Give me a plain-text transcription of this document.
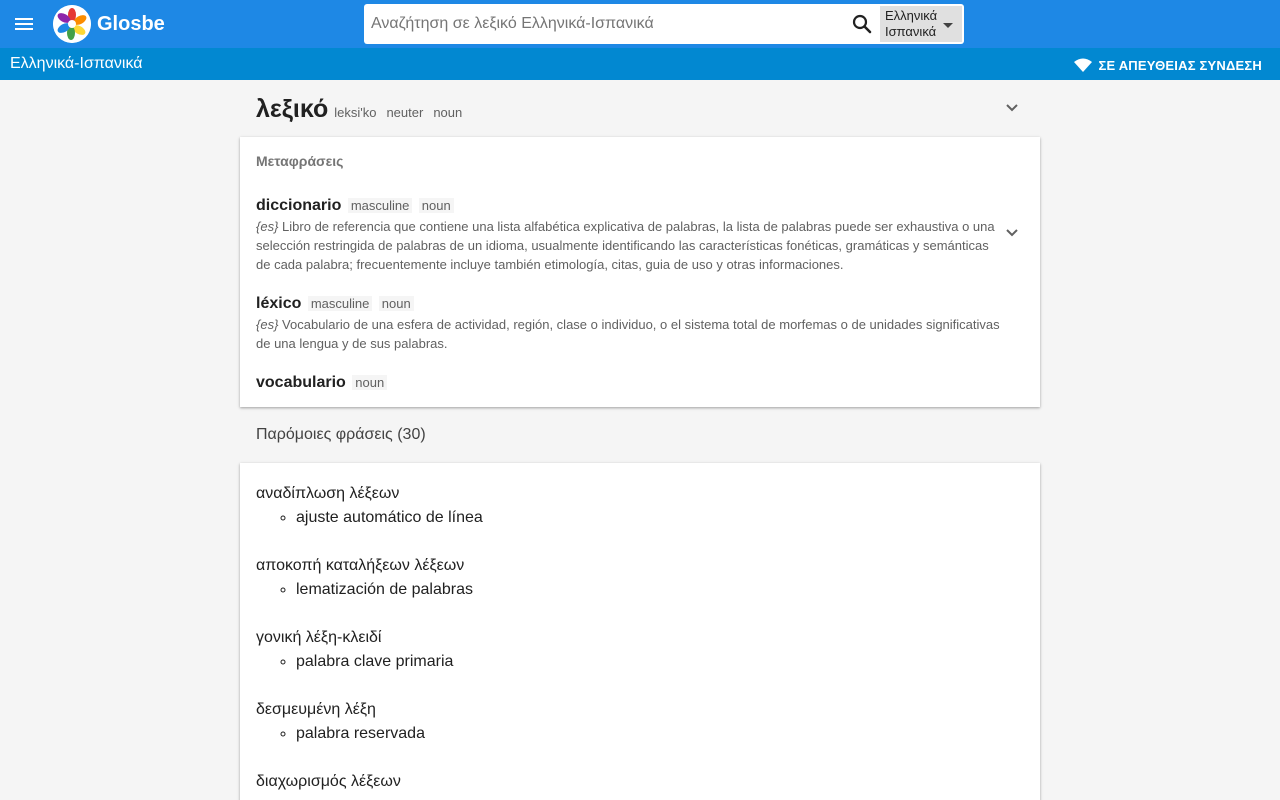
Glosbe
Αναζήτηση σε λεξικό Ελληνικά-Ισπανικά	Ελληνικά
Ισπανικά
Ελληνικά-Ισπανικά	ΣΕ ΑΠΕΥΘΕΙΑΣ ΣΥΝΔΕΣΗ
λεξικό leksi'ko neuter noun
Μεταφράσεις
diccionario masculine noun
{es} Libro de referencia que contiene una lista alfabética explicativa de palabras, la lista de palabras puede ser exhaustiva o una selección restringida de palabras de un idioma, usualmente identificando las características fonéticas, gramáticas y semánticas de cada palabra; frecuentemente incluye también etimología, citas, guia de uso y otras informaciones.
léxico masculine noun
{es} Vocabulario de una esfera de actividad, región, clase o individuo, o el sistema total de morfemas o de unidades significativas de una lengua y de sus palabras.
vocabulario noun
Παρόμοιες φράσεις (30)
αναδίπλωση λέξεων
◦ ajuste automático de línea
αποκοπή καταλήξεων λέξεων
◦ lematización de palabras
γονική λέξη-κλειδί
◦ palabra clave primaria
δεσμευμένη λέξη
◦ palabra reservada
διαχωρισμός λέξεων
